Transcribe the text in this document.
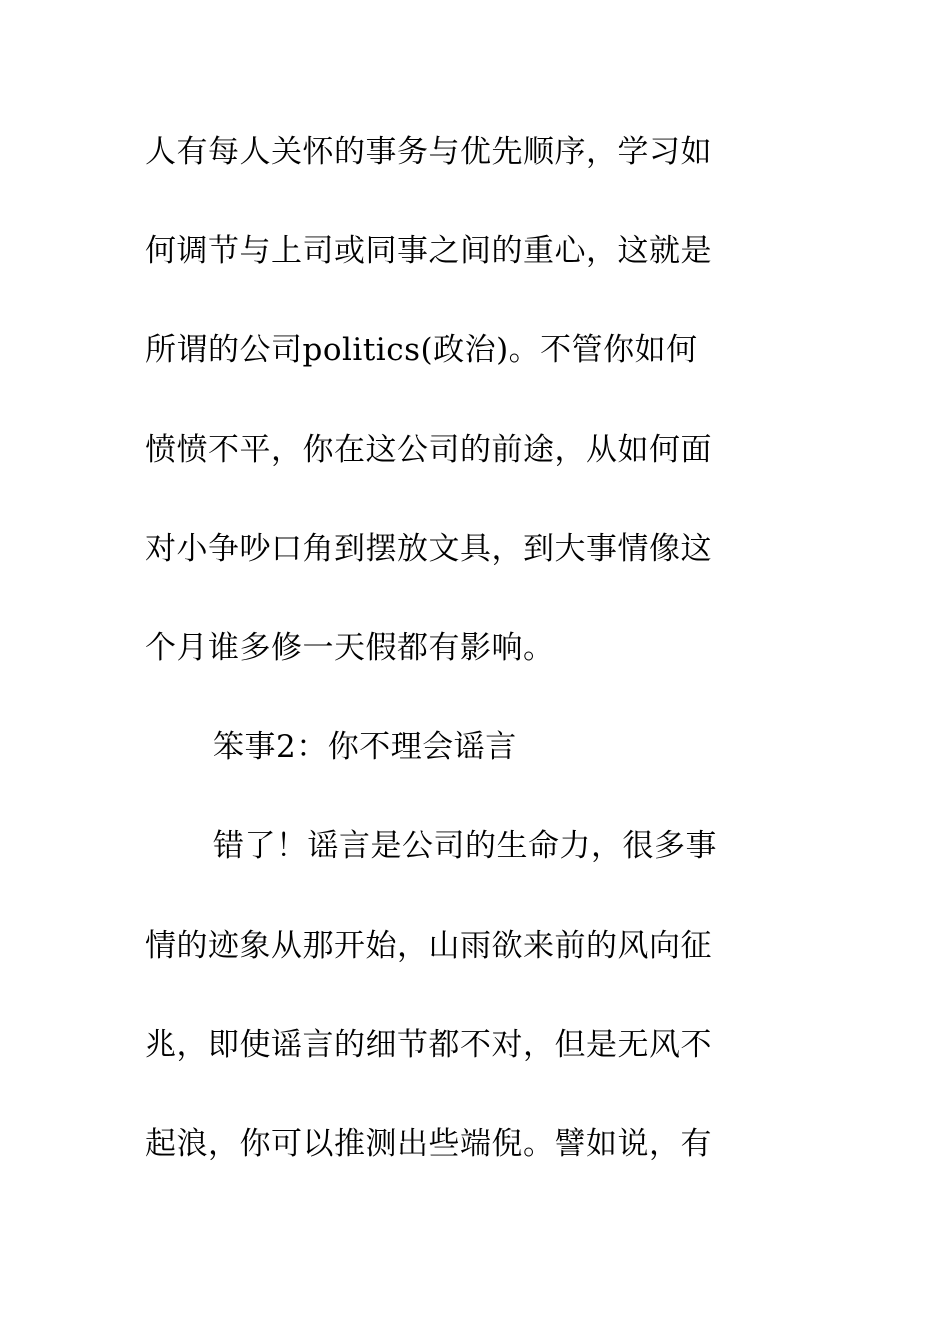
人有每人关怀的事务与优先顺序，学习如
何调节与上司或同事之间的重心，这就是
所谓的公司politics(政治)。不管你如何
愤愤不平，你在这公司的前途，从如何面
对小争吵口角到摆放文具，到大事情像这
个月谁多修一天假都有影响。
笨事2：你不理会谣言
错了！谣言是公司的生命力，很多事
情的迹象从那开始，山雨欲来前的风向征
兆，即使谣言的细节都不对，但是无风不
起浪，你可以推测出些端倪。譬如说，有
